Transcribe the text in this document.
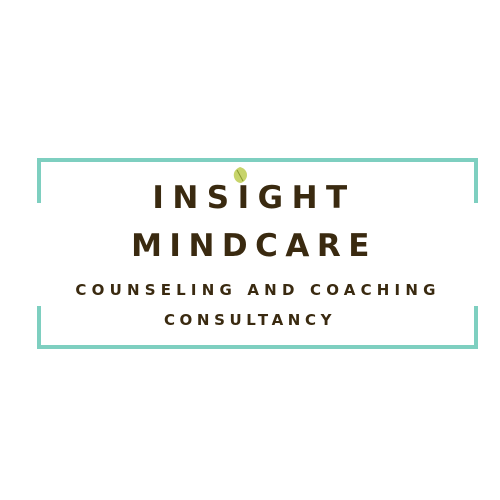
INSIGHT
MINDCARE
COUNSELING AND COACHING
CONSULTANCY
